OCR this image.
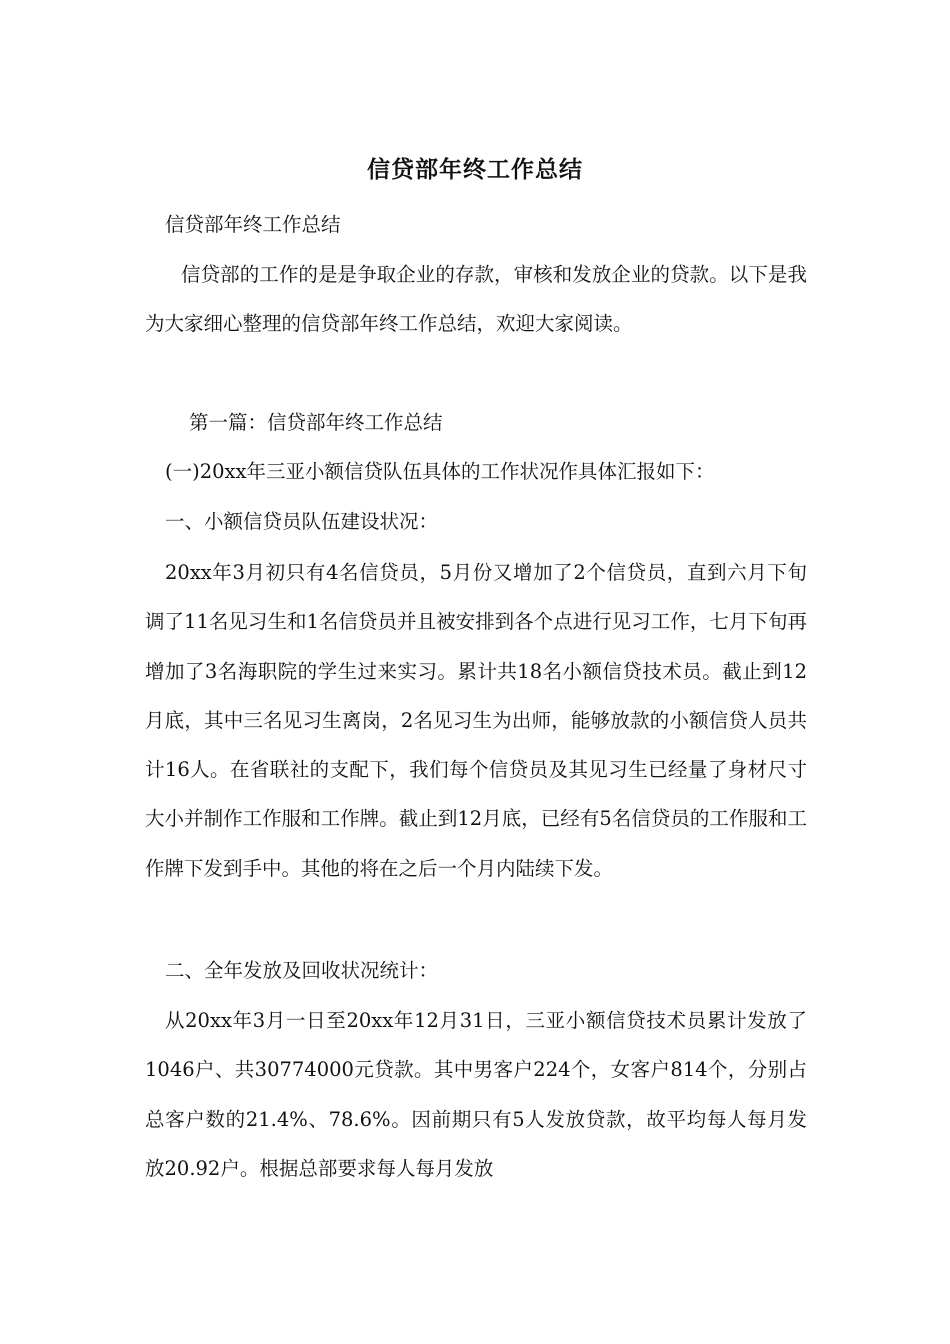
信贷部年终工作总结
信贷部年终工作总结
信贷部的工作的是是争取企业的存款，审核和发放企业的贷款。以下是我为大家细心整理的信贷部年终工作总结，欢迎大家阅读。
第一篇：信贷部年终工作总结
(一)20xx年三亚小额信贷队伍具体的工作状况作具体汇报如下：
一、小额信贷员队伍建设状况：
20xx年3月初只有4名信贷员，5月份又增加了2个信贷员，直到六月下旬调了11名见习生和1名信贷员并且被安排到各个点进行见习工作，七月下旬再增加了3名海职院的学生过来实习。累计共18名小额信贷技术员。截止到12月底，其中三名见习生离岗，2名见习生为出师，能够放款的小额信贷人员共计16人。在省联社的支配下，我们每个信贷员及其见习生已经量了身材尺寸大小并制作工作服和工作牌。截止到12月底，已经有5名信贷员的工作服和工作牌下发到手中。其他的将在之后一个月内陆续下发。
二、全年发放及回收状况统计：
从20xx年3月一日至20xx年12月31日，三亚小额信贷技术员累计发放了1046户、共30774000元贷款。其中男客户224个，女客户814个，分别占总客户数的21.4%、78.6%。因前期只有5人发放贷款，故平均每人每月发放20.92户。根据总部要求每人每月发放
